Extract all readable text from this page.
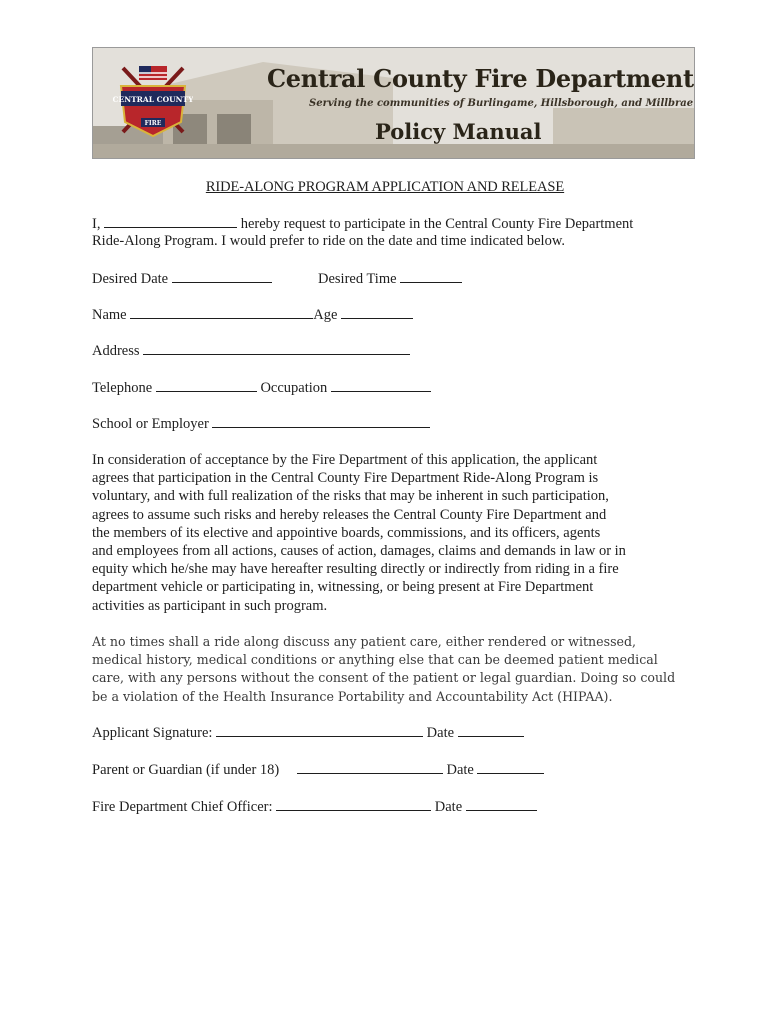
CENTRAL COUNTY
FIRE
Central County Fire Department
Serving the communities of Burlingame, Hillsborough, and Millbrae
Policy Manual
RIDE-ALONG PROGRAM APPLICATION AND RELEASE
I,	hereby request to participate in the Central County Fire Department
Ride-Along Program. I would prefer to ride on the date and time indicated below.
Desired Date	Desired Time
Name	Age
Address
Telephone	Occupation
School or Employer
In consideration of acceptance by the Fire Department of this application, the applicant
agrees that participation in the Central County Fire Department Ride-Along Program is
voluntary, and with full realization of the risks that may be inherent in such participation,
agrees to assume such risks and hereby releases the Central County Fire Department and
the members of its elective and appointive boards, commissions, and its officers, agents
and employees from all actions, causes of action, damages, claims and demands in law or in
equity which he/she may have hereafter resulting directly or indirectly from riding in a fire
department vehicle or participating in, witnessing, or being present at Fire Department
activities as participant in such program.
At no times shall a ride along discuss any patient care, either rendered or witnessed,
medical history, medical conditions or anything else that can be deemed patient medical
care, with any persons without the consent of the patient or legal guardian. Doing so could
be a violation of the Health Insurance Portability and Accountability Act (HIPAA).
Applicant Signature:	Date
Parent or Guardian (if under 18)	Date
Fire Department Chief Officer:	Date
